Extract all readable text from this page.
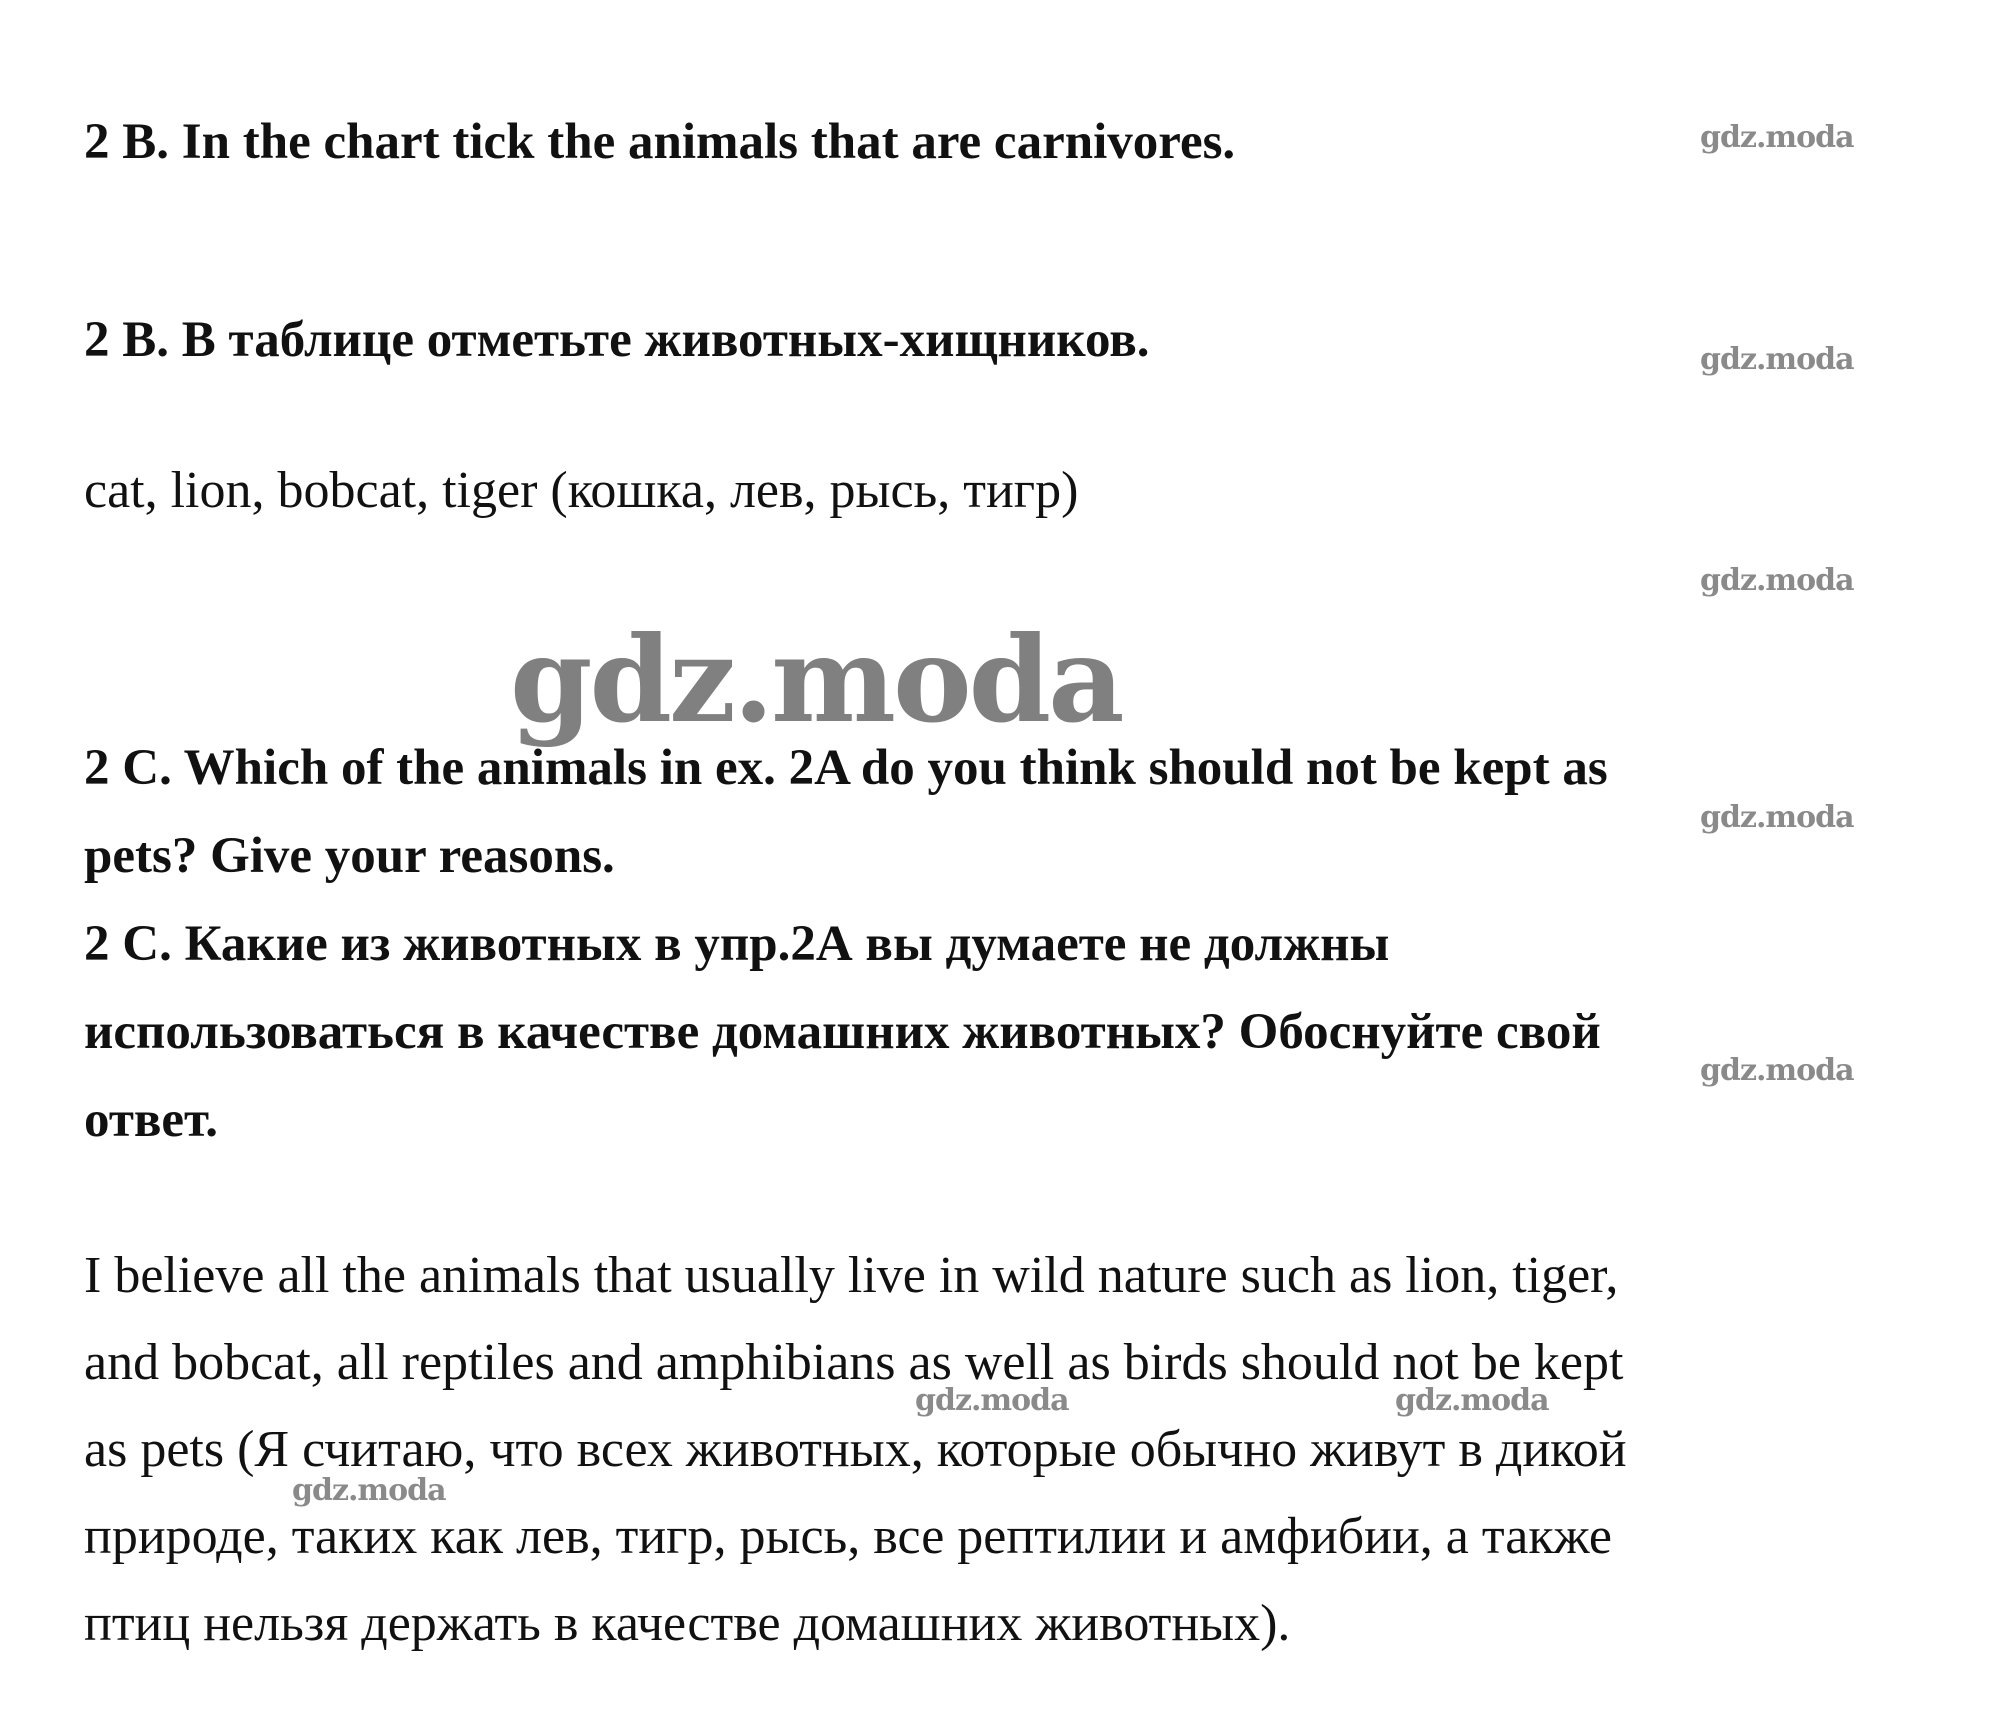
2 B. In the chart tick the animals that are carnivores.

2 В. В таблице отметьте животных-хищников.

cat, lion, bobcat, tiger (кошка, лев, рысь, тигр)

2 C. Which of the animals in ex. 2A do you think should not be kept as

pets? Give your reasons.

2 С. Какие из животных в упр.2А вы думаете не должны

использоваться в качестве домашних животных? Обоснуйте свой

ответ.

I believe all the animals that usually live in wild nature such as lion, tiger,

and bobcat, all reptiles and amphibians as well as birds should not be kept

as pets (Я считаю, что всех животных, которые обычно живут в дикой

природе, таких как лев, тигр, рысь, все рептилии и амфибии, а также

птиц нельзя держать в качестве домашних животных).

gdz.moda
gdz.moda
gdz.moda
gdz.moda
gdz.moda
gdz.moda
gdz.moda	gdz.moda
gdz.moda
